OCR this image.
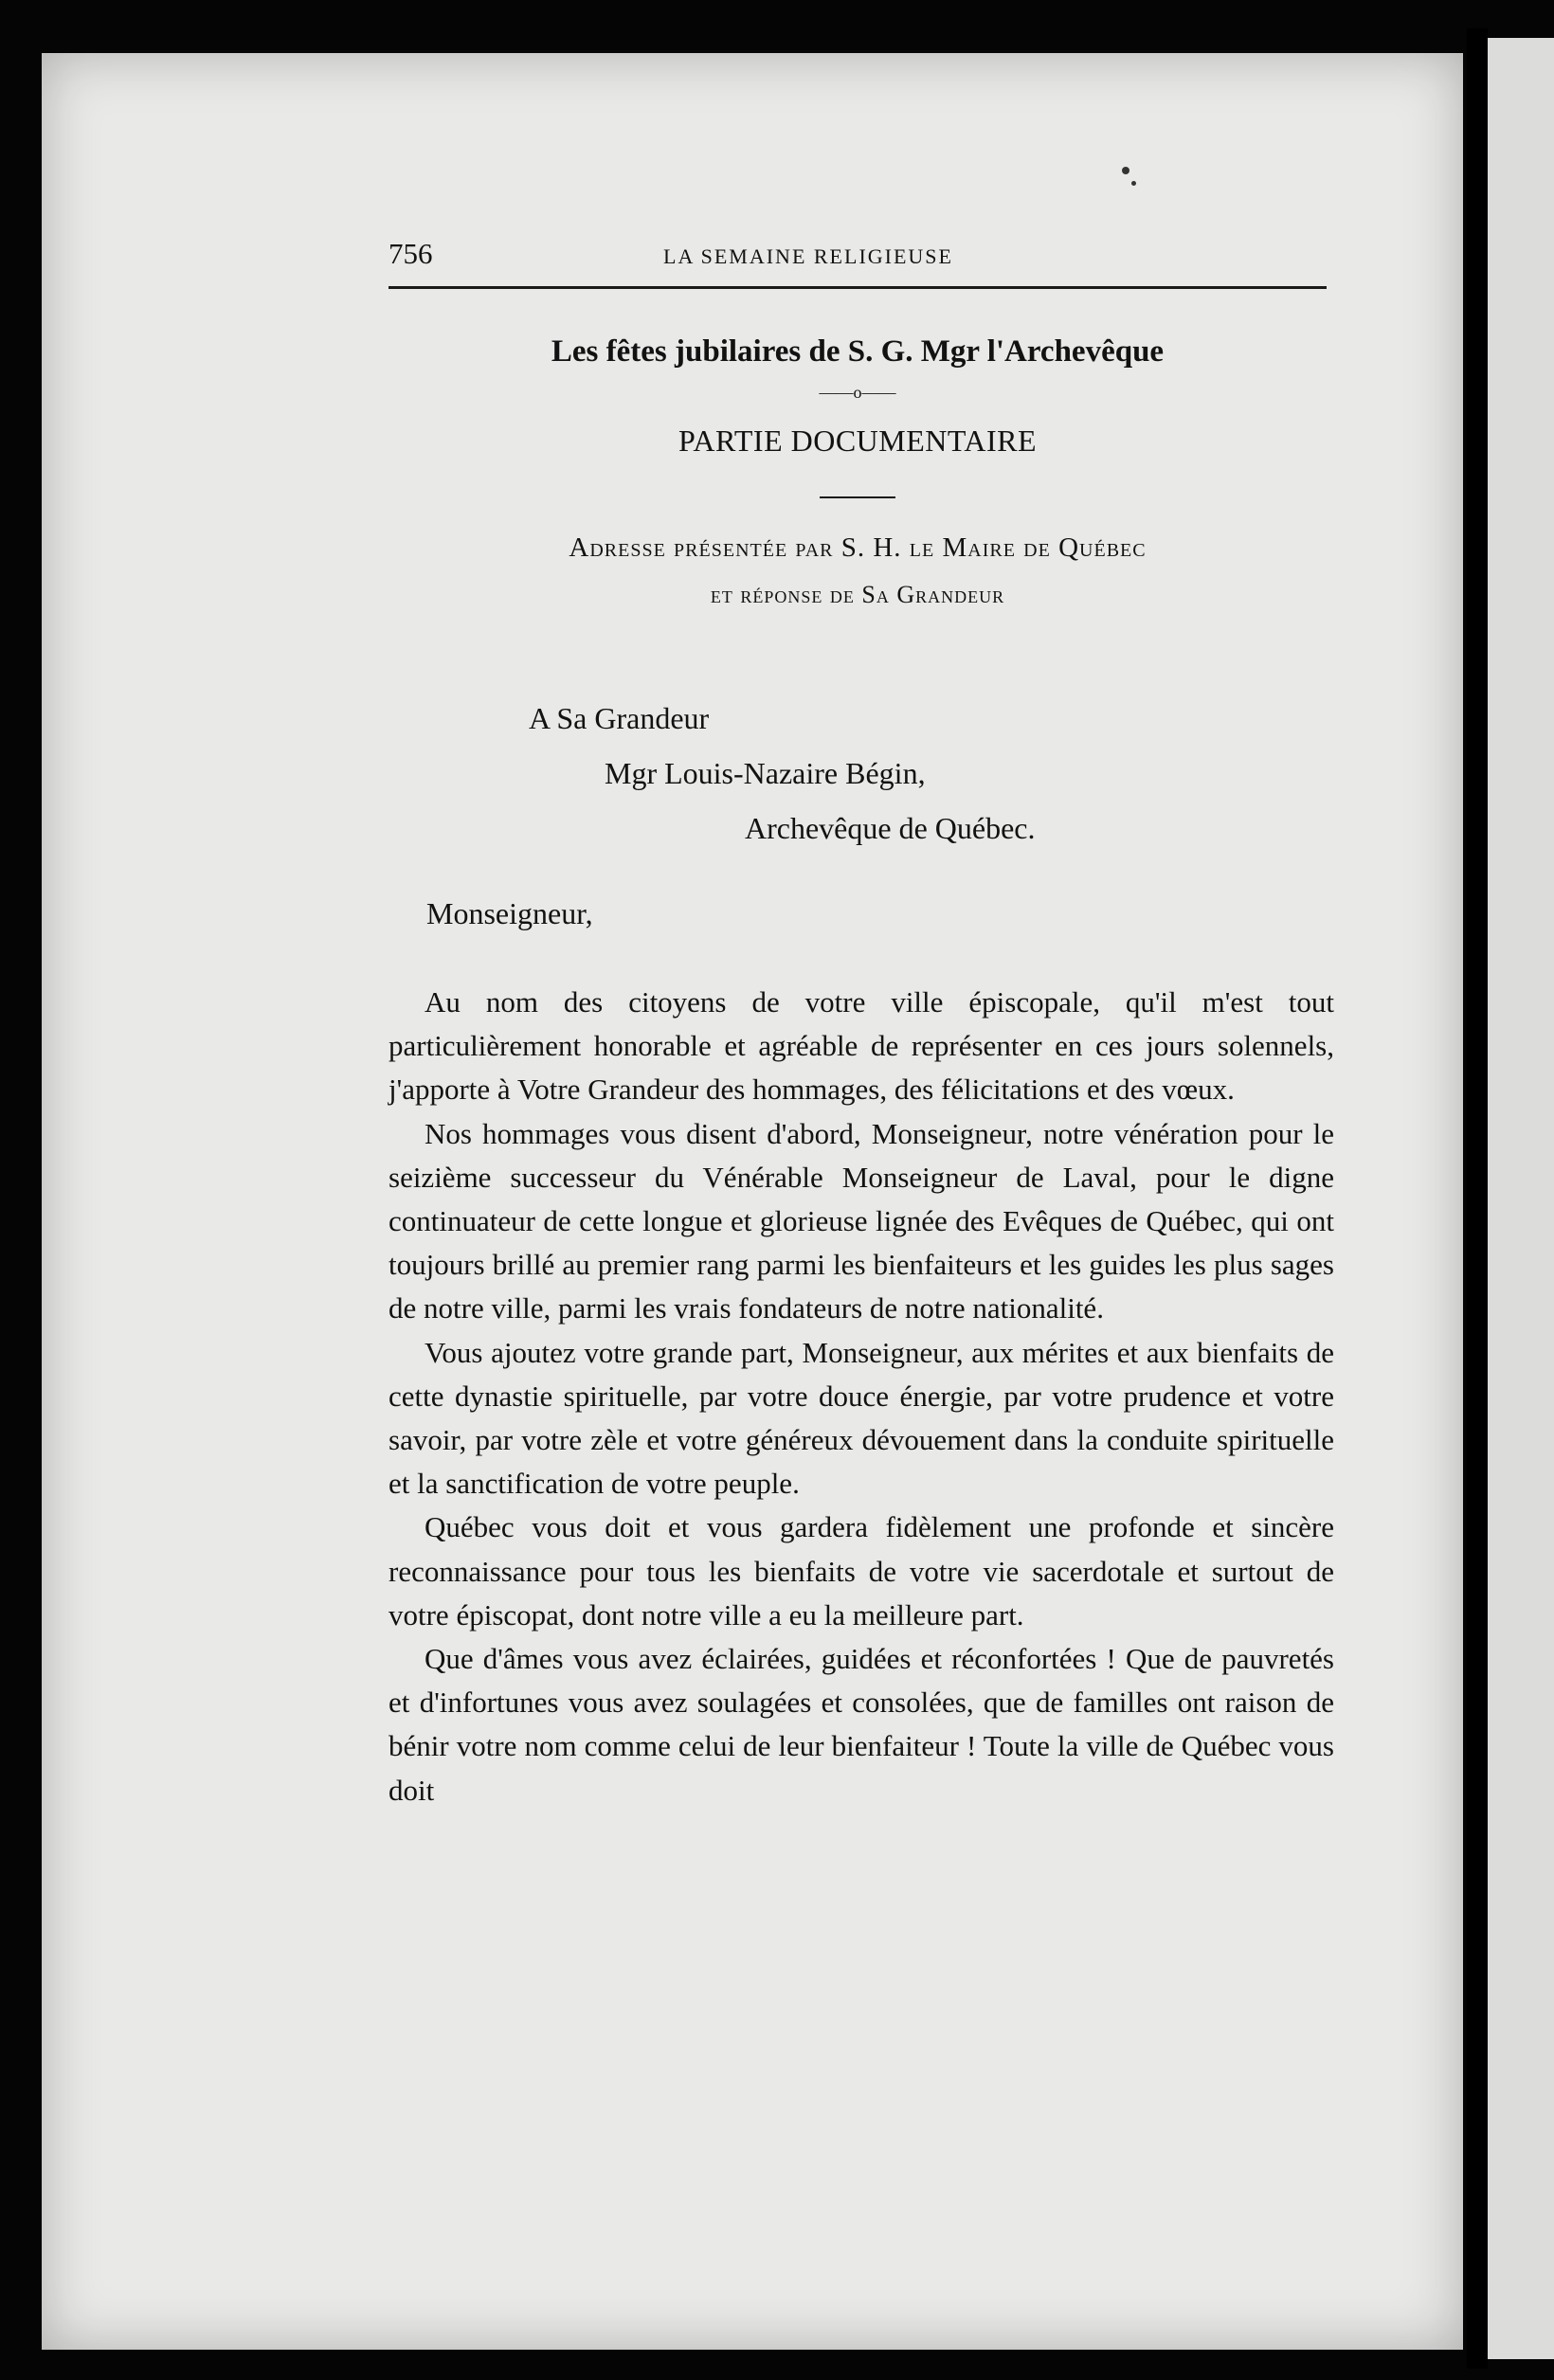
756	LA SEMAINE RELIGIEUSE
Les fêtes jubilaires de S. G. Mgr l'Archevêque
——o——
PARTIE DOCUMENTAIRE
Adresse présentée par S. H. le Maire de Québec
et réponse de Sa Grandeur
A Sa Grandeur
Mgr Louis-Nazaire Bégin,
Archevêque de Québec.
Monseigneur,

Au nom des citoyens de votre ville épiscopale, qu'il m'est tout particulièrement honorable et agréable de représenter en ces jours solennels, j'apporte à Votre Grandeur des hommages, des félicitations et des vœux.

Nos hommages vous disent d'abord, Monseigneur, notre vénération pour le seizième successeur du Vénérable Monseigneur de Laval, pour le digne continuateur de cette longue et glorieuse lignée des Evêques de Québec, qui ont toujours brillé au premier rang parmi les bienfaiteurs et les guides les plus sages de notre ville, parmi les vrais fondateurs de notre nationalité.

Vous ajoutez votre grande part, Monseigneur, aux mérites et aux bienfaits de cette dynastie spirituelle, par votre douce énergie, par votre prudence et votre savoir, par votre zèle et votre généreux dévouement dans la conduite spirituelle et la sanctification de votre peuple.

Québec vous doit et vous gardera fidèlement une profonde et sincère reconnaissance pour tous les bienfaits de votre vie sacerdotale et surtout de votre épiscopat, dont notre ville a eu la meilleure part.

Que d'âmes vous avez éclairées, guidées et réconfortées ! Que de pauvretés et d'infortunes vous avez soulagées et consolées, que de familles ont raison de bénir votre nom comme celui de leur bienfaiteur ! Toute la ville de Québec vous doit
